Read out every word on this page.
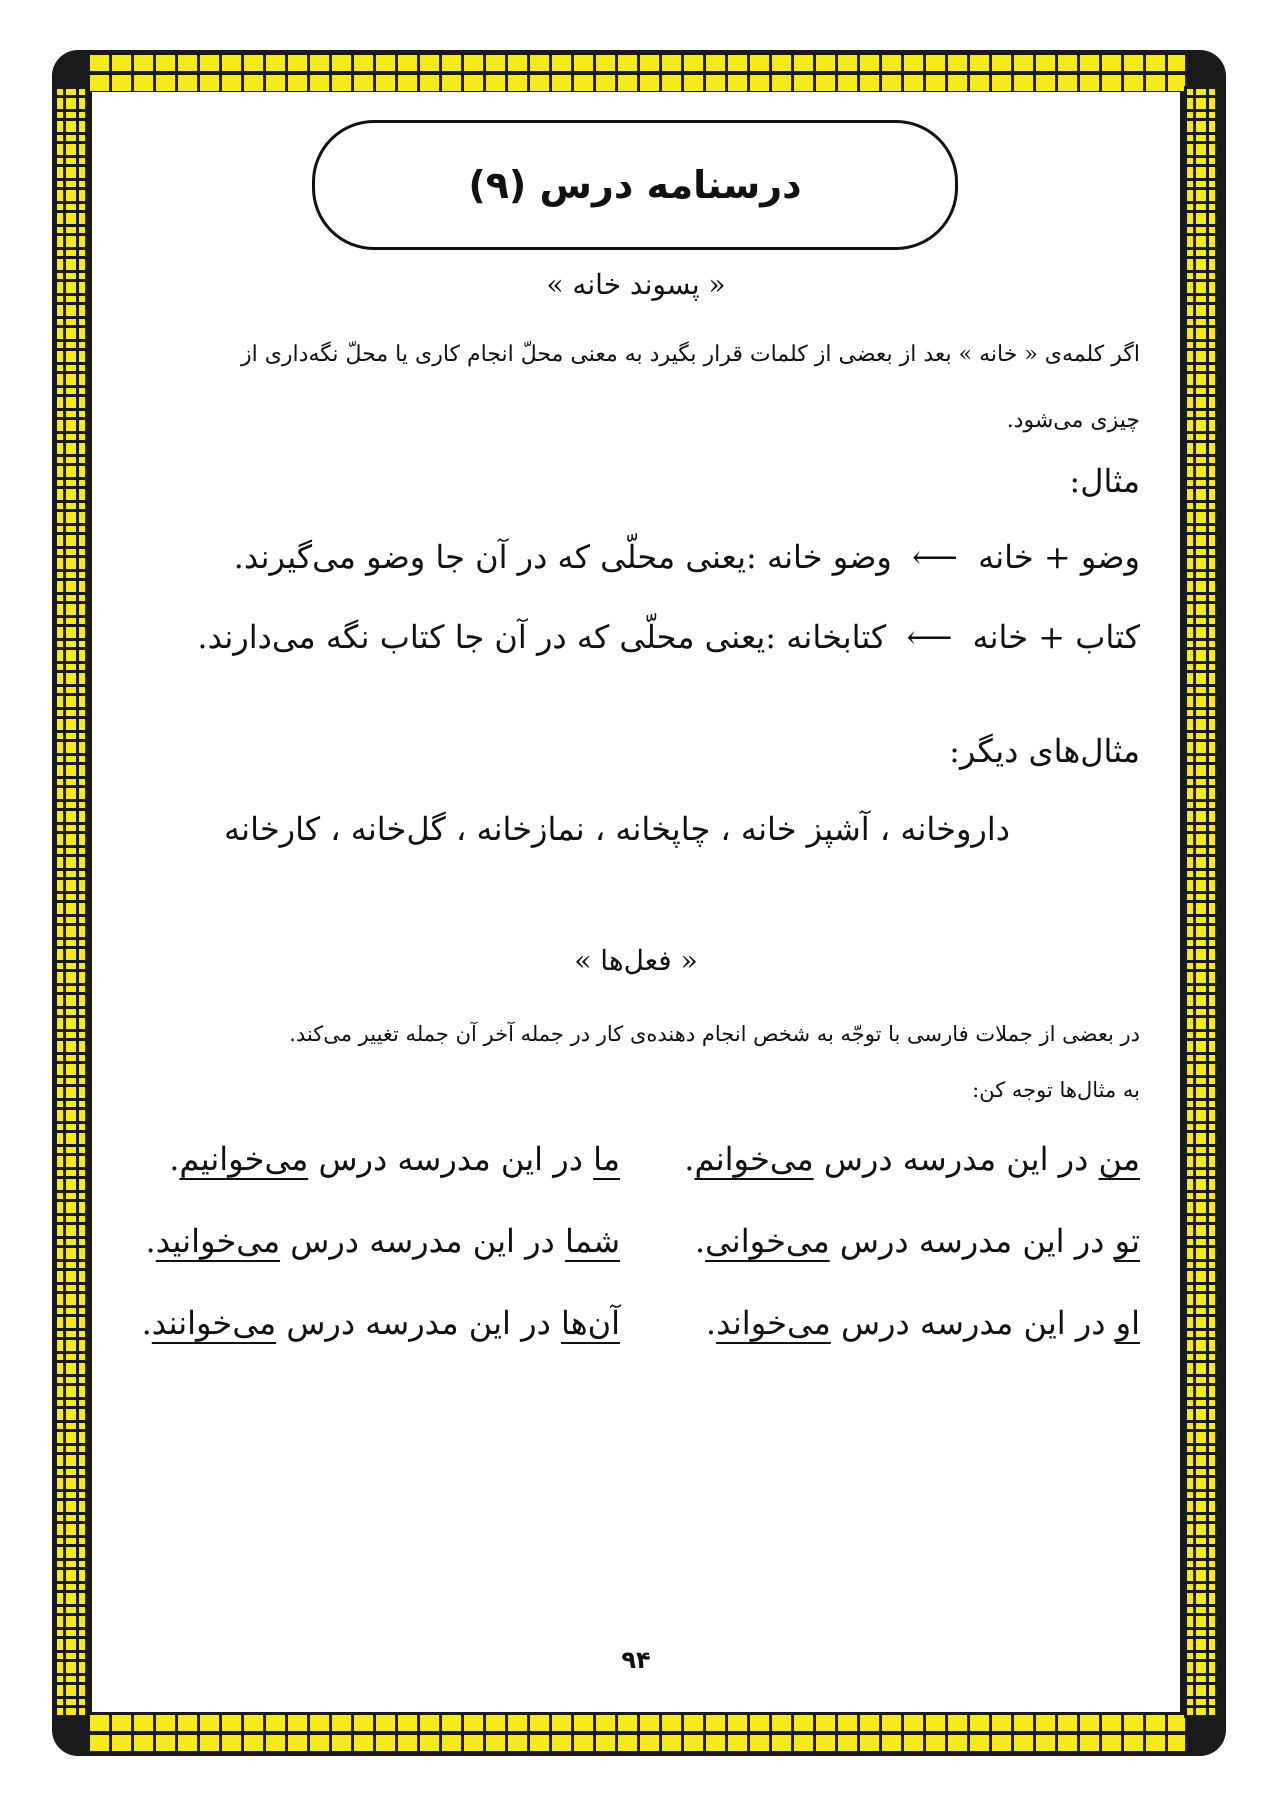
درسنامه درس (۹)
« پسوند خانه »
اگر کلمه‌ی « خانه » بعد از بعضی از کلمات قرار بگیرد به معنی محلّ انجام کاری یا محلّ نگه‌داری از
چیزی می‌شود.
مثال:
وضو + خانه ⟵ وضو خانه :یعنی محلّی که در آن جا وضو می‌گیرند.
کتاب + خانه ⟵ کتابخانه :یعنی محلّی که در آن جا کتاب نگه می‌دارند.
مثال‌های دیگر:
داروخانه ، آشپز خانه ، چاپخانه ، نمازخانه ، گل‌خانه ، کارخانه
« فعل‌ها »
در بعضی از جملات فارسی با توجّه به شخص انجام دهنده‌ی کار در جمله آخر آن جمله تغییر می‌کند.
به مثال‌ها توجه کن:
من در این مدرسه درس می‌خوانم.
ما در این مدرسه درس می‌خوانیم.
تو در این مدرسه درس می‌خوانی.
شما در این مدرسه درس می‌خوانید.
او در این مدرسه درس می‌خواند.
آن‌ها در این مدرسه درس می‌خوانند.
۹۴
